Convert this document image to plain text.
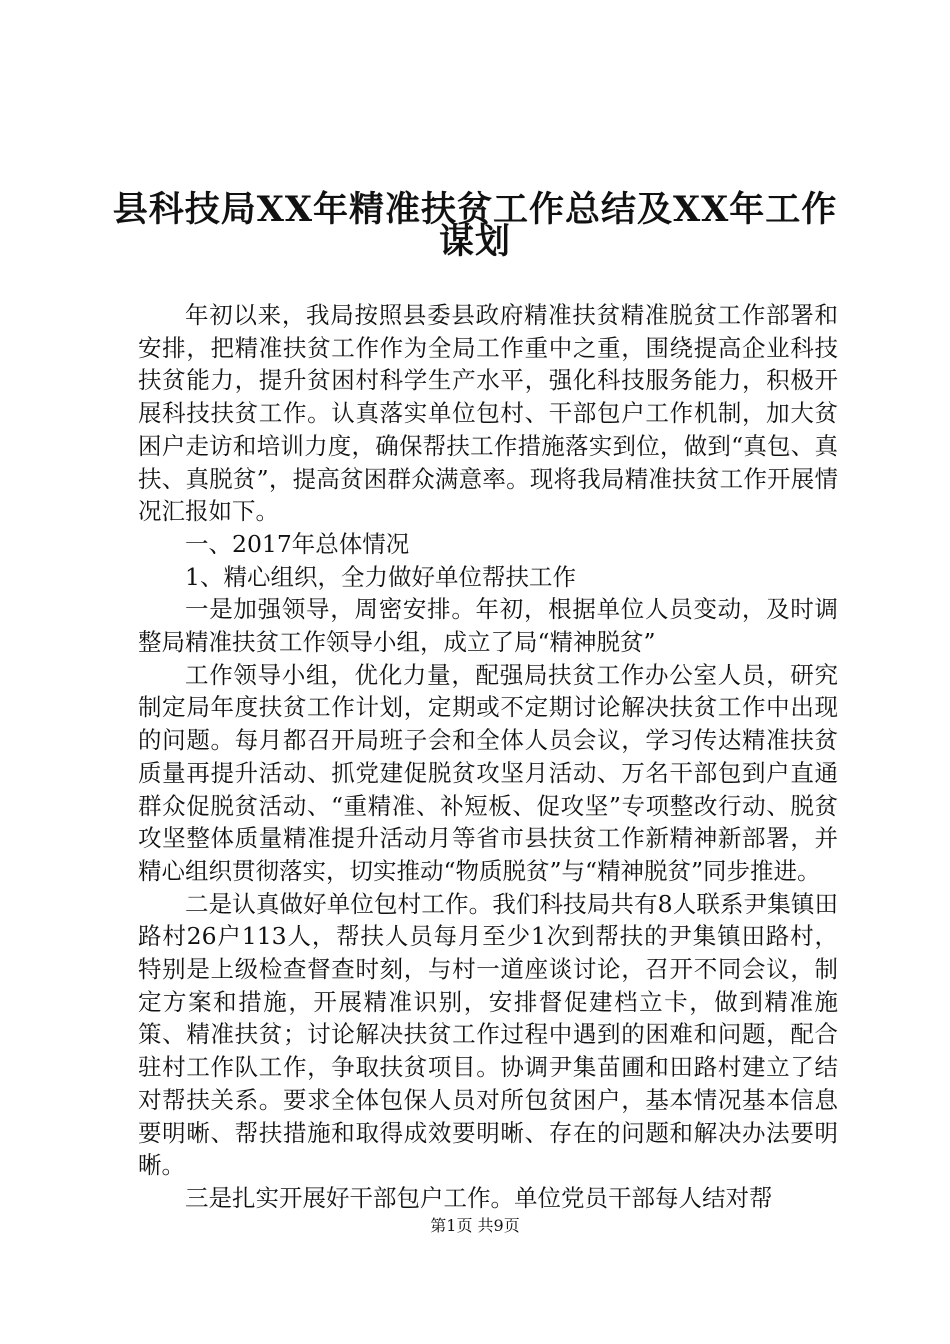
县科技局XX年精准扶贫工作总结及XX年工作
谋划

年初以来，我局按照县委县政府精准扶贫精准脱贫工作部署和安排，把精准扶贫工作作为全局工作重中之重，围绕提高企业科技扶贫能力，提升贫困村科学生产水平，强化科技服务能力，积极开展科技扶贫工作。认真落实单位包村、干部包户工作机制，加大贫困户走访和培训力度，确保帮扶工作措施落实到位，做到“真包、真扶、真脱贫”，提高贫困群众满意率。现将我局精准扶贫工作开展情况汇报如下。

一、2017年总体情况

1、精心组织，全力做好单位帮扶工作

一是加强领导，周密安排。年初，根据单位人员变动，及时调整局精准扶贫工作领导小组，成立了局“精神脱贫”

工作领导小组，优化力量，配强局扶贫工作办公室人员，研究制定局年度扶贫工作计划，定期或不定期讨论解决扶贫工作中出现的问题。每月都召开局班子会和全体人员会议，学习传达精准扶贫质量再提升活动、抓党建促脱贫攻坚月活动、万名干部包到户直通群众促脱贫活动、“重精准、补短板、促攻坚”专项整改行动、脱贫攻坚整体质量精准提升活动月等省市县扶贫工作新精神新部署，并精心组织贯彻落实，切实推动“物质脱贫”与“精神脱贫”同步推进。

二是认真做好单位包村工作。我们科技局共有8人联系尹集镇田路村26户113人，帮扶人员每月至少1次到帮扶的尹集镇田路村，特别是上级检查督查时刻，与村一道座谈讨论，召开不同会议，制定方案和措施，开展精准识别，安排督促建档立卡，做到精准施策、精准扶贫；讨论解决扶贫工作过程中遇到的困难和问题，配合驻村工作队工作，争取扶贫项目。协调尹集苗圃和田路村建立了结对帮扶关系。要求全体包保人员对所包贫困户，基本情况基本信息要明晰、帮扶措施和取得成效要明晰、存在的问题和解决办法要明晰。

三是扎实开展好干部包户工作。单位党员干部每人结对帮

第1页 共9页
